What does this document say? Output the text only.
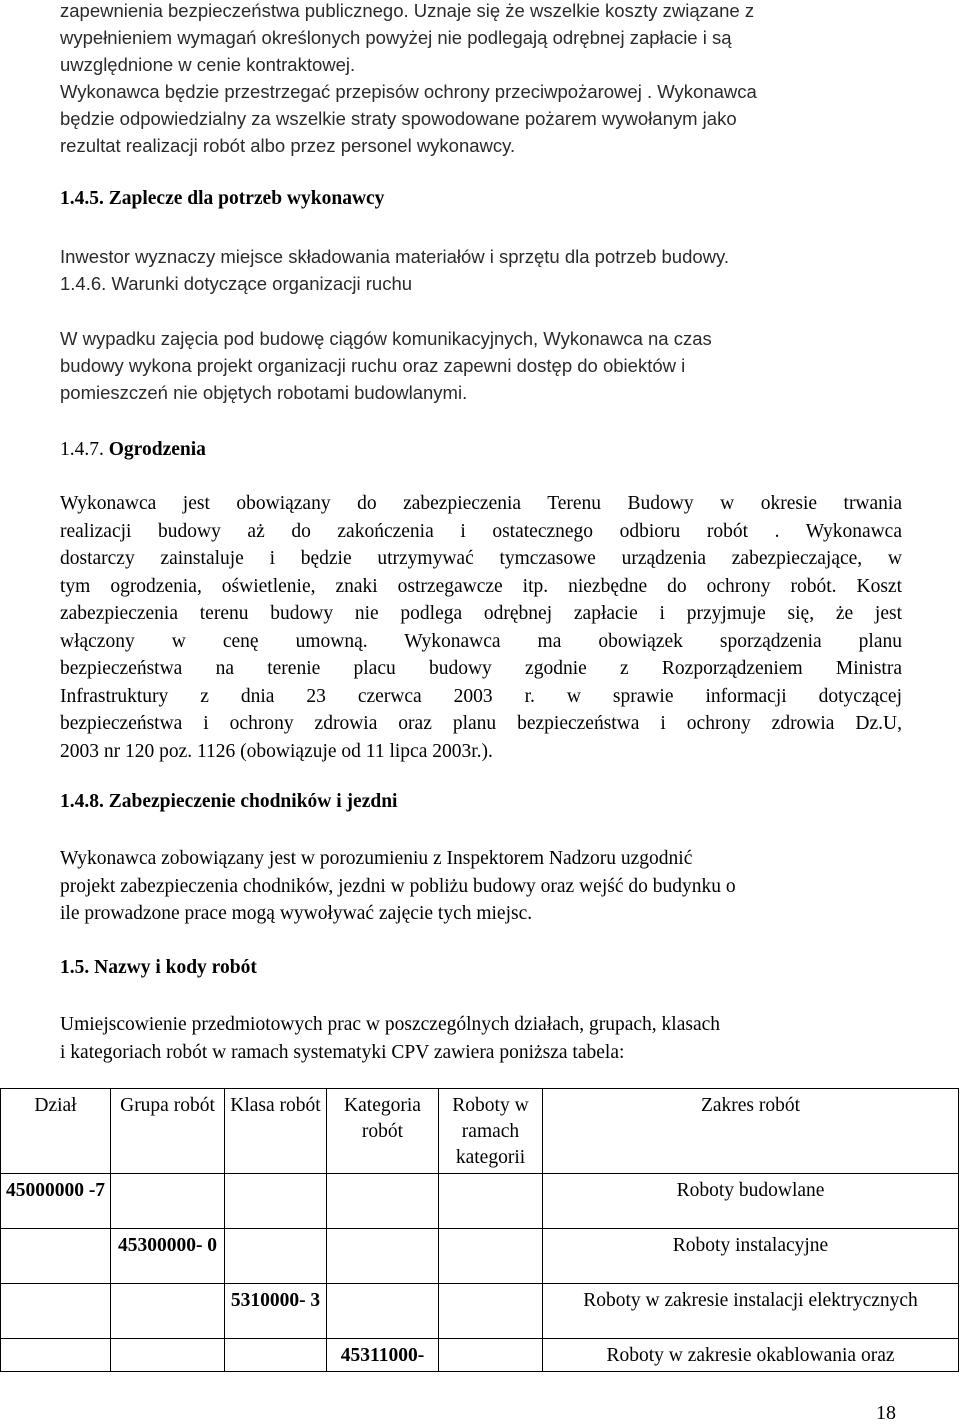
zapewnienia bezpieczeństwa publicznego. Uznaje się że wszelkie koszty związane z
wypełnieniem wymagań określonych powyżej nie podlegają odrębnej zapłacie i są
uwzględnione w cenie kontraktowej.
Wykonawca będzie przestrzegać przepisów ochrony przeciwpożarowej . Wykonawca
będzie odpowiedzialny za wszelkie straty spowodowane pożarem wywołanym jako
rezultat realizacji robót albo przez personel wykonawcy.
1.4.5. Zaplecze dla potrzeb wykonawcy
Inwestor wyznaczy miejsce składowania materiałów i sprzętu dla potrzeb budowy.
1.4.6. Warunki dotyczące organizacji ruchu
W wypadku zajęcia pod budowę ciągów komunikacyjnych, Wykonawca na czas
budowy wykona projekt organizacji ruchu oraz zapewni dostęp do obiektów i
pomieszczeń nie objętych robotami budowlanymi.
1.4.7. Ogrodzenia
Wykonawca jest obowiązany do zabezpieczenia Terenu Budowy w okresie trwania
realizacji budowy aż do zakończenia i ostatecznego odbioru robót . Wykonawca
dostarczy zainstaluje i będzie utrzymywać tymczasowe urządzenia zabezpieczające, w
tym ogrodzenia, oświetlenie, znaki ostrzegawcze itp. niezbędne do ochrony robót. Koszt
zabezpieczenia terenu budowy nie podlega odrębnej zapłacie i przyjmuje się, że jest
włączony w cenę umowną. Wykonawca ma obowiązek sporządzenia planu
bezpieczeństwa na terenie placu budowy zgodnie z Rozporządzeniem Ministra
Infrastruktury z dnia 23 czerwca 2003 r. w sprawie informacji dotyczącej
bezpieczeństwa i ochrony zdrowia oraz planu bezpieczeństwa i ochrony zdrowia Dz.U,
2003 nr 120 poz. 1126 (obowiązuje od 11 lipca 2003r.).
1.4.8. Zabezpieczenie chodników i jezdni
Wykonawca zobowiązany jest w porozumieniu z Inspektorem Nadzoru uzgodnić
projekt zabezpieczenia chodników, jezdni w pobliżu budowy oraz wejść do budynku o
ile prowadzone prace mogą wywoływać zajęcie tych miejsc.
1.5. Nazwy i kody robót
Umiejscowienie przedmiotowych prac w poszczególnych działach, grupach, klasach
i kategoriach robót w ramach systematyki CPV zawiera poniższa tabela:
Dział	Grupa robót	Klasa robót	Kategoria robót	Roboty w ramach kategorii	Zakres robót
45000000 -7					Roboty budowlane
	45300000- 0				Roboty instalacyjne
		5310000- 3			Roboty w zakresie instalacji elektrycznych
			45311000-		Roboty w zakresie okablowania oraz
18
